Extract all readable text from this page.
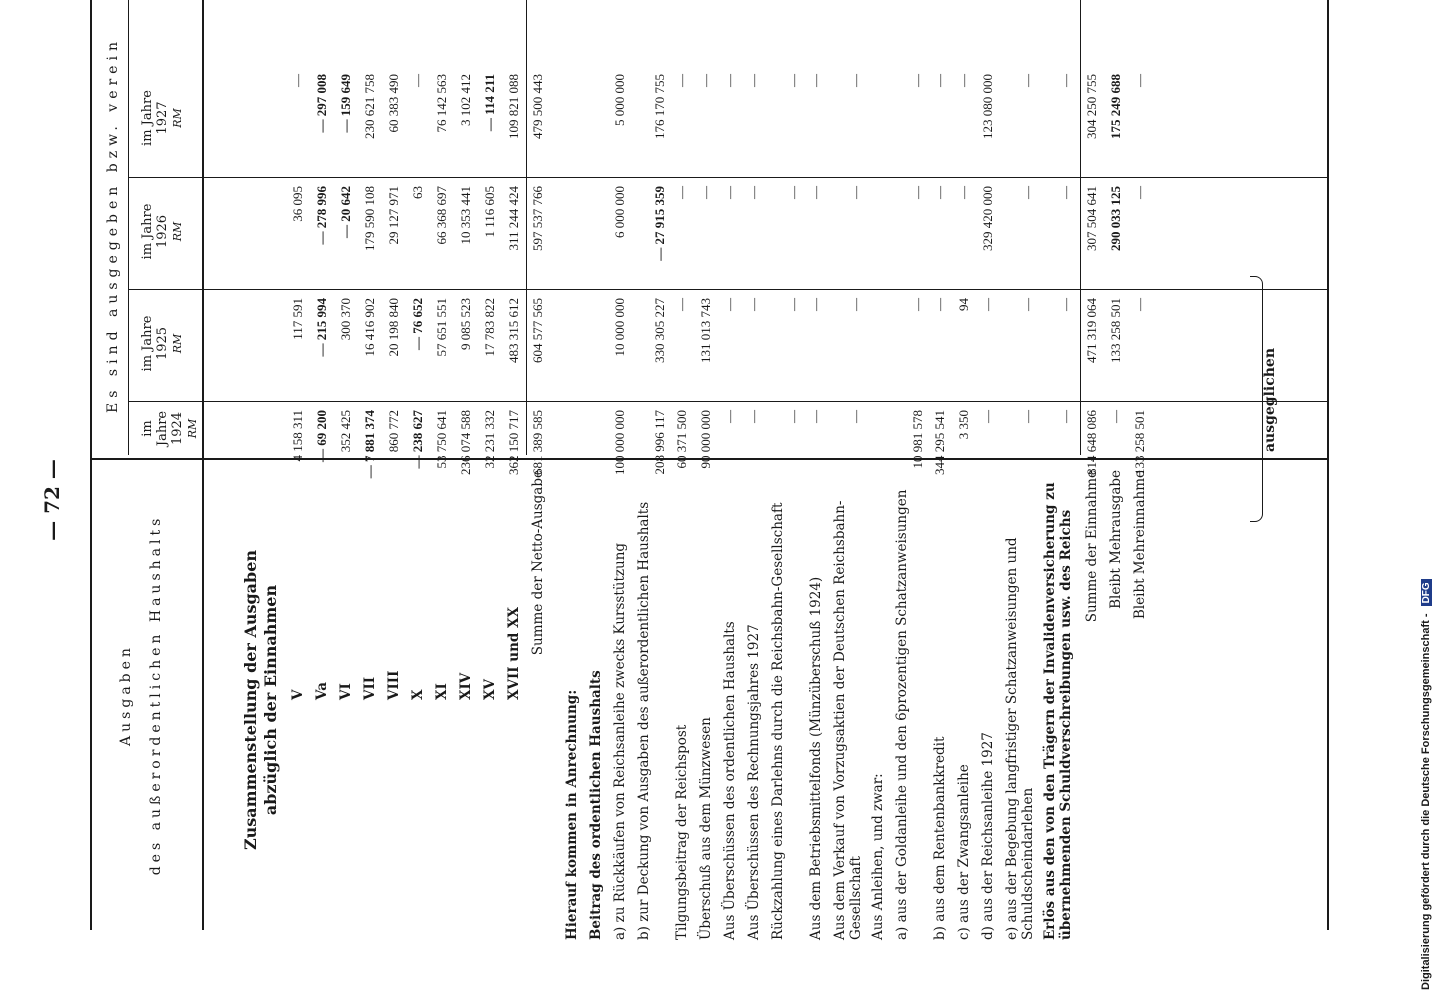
— 72 —
Ausgaben des außerordentlichen Haushalts
Es sind ausgegeben bzw. verein
im Jahre 1924 RM
im Jahre 1925 RM
im Jahre 1926 RM
im Jahre 1927 RM
Zusammenstellung der Ausgaben abzüglich der Einnahmen V
4 158 311
117 591
36 095
—
Va
— 69 200
— 215 994
— 278 996
— 297 008
VI
352 425
300 370
— 20 642
— 159 649
VII
— 7 881 374
16 416 902
179 590 108
230 621 758
VIII
860 772
20 198 840
29 127 971
60 383 490
X
— 238 627
— 76 652
63
—
XI
53 750 641
57 651 551
66 368 697
76 142 563
XIV
236 074 588
9 085 523
10 353 441
3 102 412
XV
32 231 332
17 783 822
1 116 605
— 114 211
XVII und XX
362 150 717
483 315 612
311 244 424
109 821 088
Summe der Netto-Ausgabe
681 389 585
604 577 565
597 537 766
479 500 443
Hierauf kommen in Anrechnung: Beitrag des ordentlichen Haushalts a) zu Rückkäufen von Reichsanleihe zwecks Kursstützung
100 000 000
10 000 000
6 000 000
5 000 000
b) zur Deckung von Ausgaben des außerordentlichen Haushalts
208 996 117
330 305 227
— 27 915 359
176 170 755
Tilgungsbeitrag der Reichspost
60 371 500
—
—
—
Überschuß aus dem Münzwesen
90 000 000
131 013 743
—
—
Aus Überschüssen des ordentlichen Haushalts
—
—
—
—
Aus Überschüssen des Rechnungsjahres 1927
—
—
—
—
Rückzahlung eines Darlehns durch die Reichsbahn-Gesellschaft
—
—
—
—
Aus dem Betriebsmittelfonds (Münzüberschuß 1924)
—
—
—
—
Aus dem Verkauf von Vorzugsaktien der Deutschen Reichsbahn-Gesellschaft
—
—
—
—
Aus Anleihen, und zwar: a) aus der Goldanleihe und den 6prozentigen Schatzanweisungen
10 981 578
—
—
—
b) aus dem Rentenbankkredit
344 295 541
—
—
—
c) aus der Zwangsanleihe
3 350
94
—
—
d) aus der Reichsanleihe 1927
—
—
329 420 000
123 080 000
e) aus der Begebung langfristiger Schatzanweisungen und Schuldscheindarlehen
—
—
—
—
Erlös aus den von den Trägern der Invalidenversicherung zu übernehmenden Schuldverschreibungen usw. des Reichs
—
—
—
—
Summe der Einnahme
814 648 086
471 319 064
307 504 641
304 250 755
Bleibt Mehrausgabe
—
133 258 501
290 033 125
175 249 688
Bleibt Mehreinnahme
133 258 501
—
—
—
ausgeglichen
Digitalisierung gefördert durch die Deutsche Forschungsgemeinschaft - DFG
